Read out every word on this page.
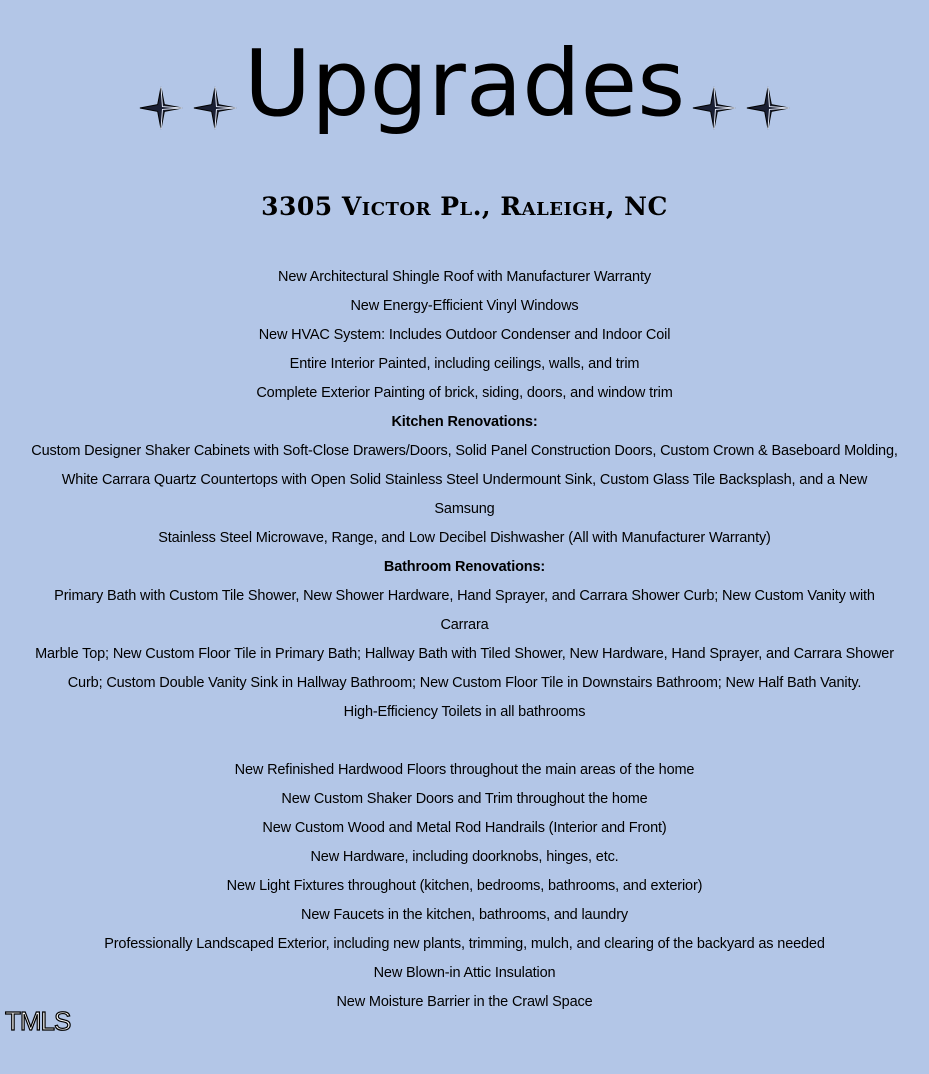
Upgrades
3305 Victor Pl., Raleigh, NC

New Architectural Shingle Roof with Manufacturer Warranty

New Energy-Efficient Vinyl Windows

New HVAC System: Includes Outdoor Condenser and Indoor Coil

Entire Interior Painted, including ceilings, walls, and trim

Complete Exterior Painting of brick, siding, doors, and window trim

Kitchen Renovations:

Custom Designer Shaker Cabinets with Soft-Close Drawers/Doors, Solid Panel Construction Doors, Custom Crown & Baseboard Molding,

White Carrara Quartz Countertops with Open Solid Stainless Steel Undermount Sink, Custom Glass Tile Backsplash, and a New Samsung

Stainless Steel Microwave, Range, and Low Decibel Dishwasher (All with Manufacturer Warranty)

Bathroom Renovations:

Primary Bath with Custom Tile Shower, New Shower Hardware, Hand Sprayer, and Carrara Shower Curb; New Custom Vanity with Carrara

Marble Top; New Custom Floor Tile in Primary Bath; Hallway Bath with Tiled Shower, New Hardware, Hand Sprayer, and Carrara Shower

Curb; Custom Double Vanity Sink in Hallway Bathroom; New Custom Floor Tile in Downstairs Bathroom; New Half Bath Vanity.

High-Efficiency Toilets in all bathrooms

New Refinished Hardwood Floors throughout the main areas of the home

New Custom Shaker Doors and Trim throughout the home

New Custom Wood and Metal Rod Handrails (Interior and Front)

New Hardware, including doorknobs, hinges, etc.

New Light Fixtures throughout (kitchen, bedrooms, bathrooms, and exterior)

New Faucets in the kitchen, bathrooms, and laundry

Professionally Landscaped Exterior, including new plants, trimming, mulch, and clearing of the backyard as needed

New Blown-in Attic Insulation

New Moisture Barrier in the Crawl Space

TMLS
